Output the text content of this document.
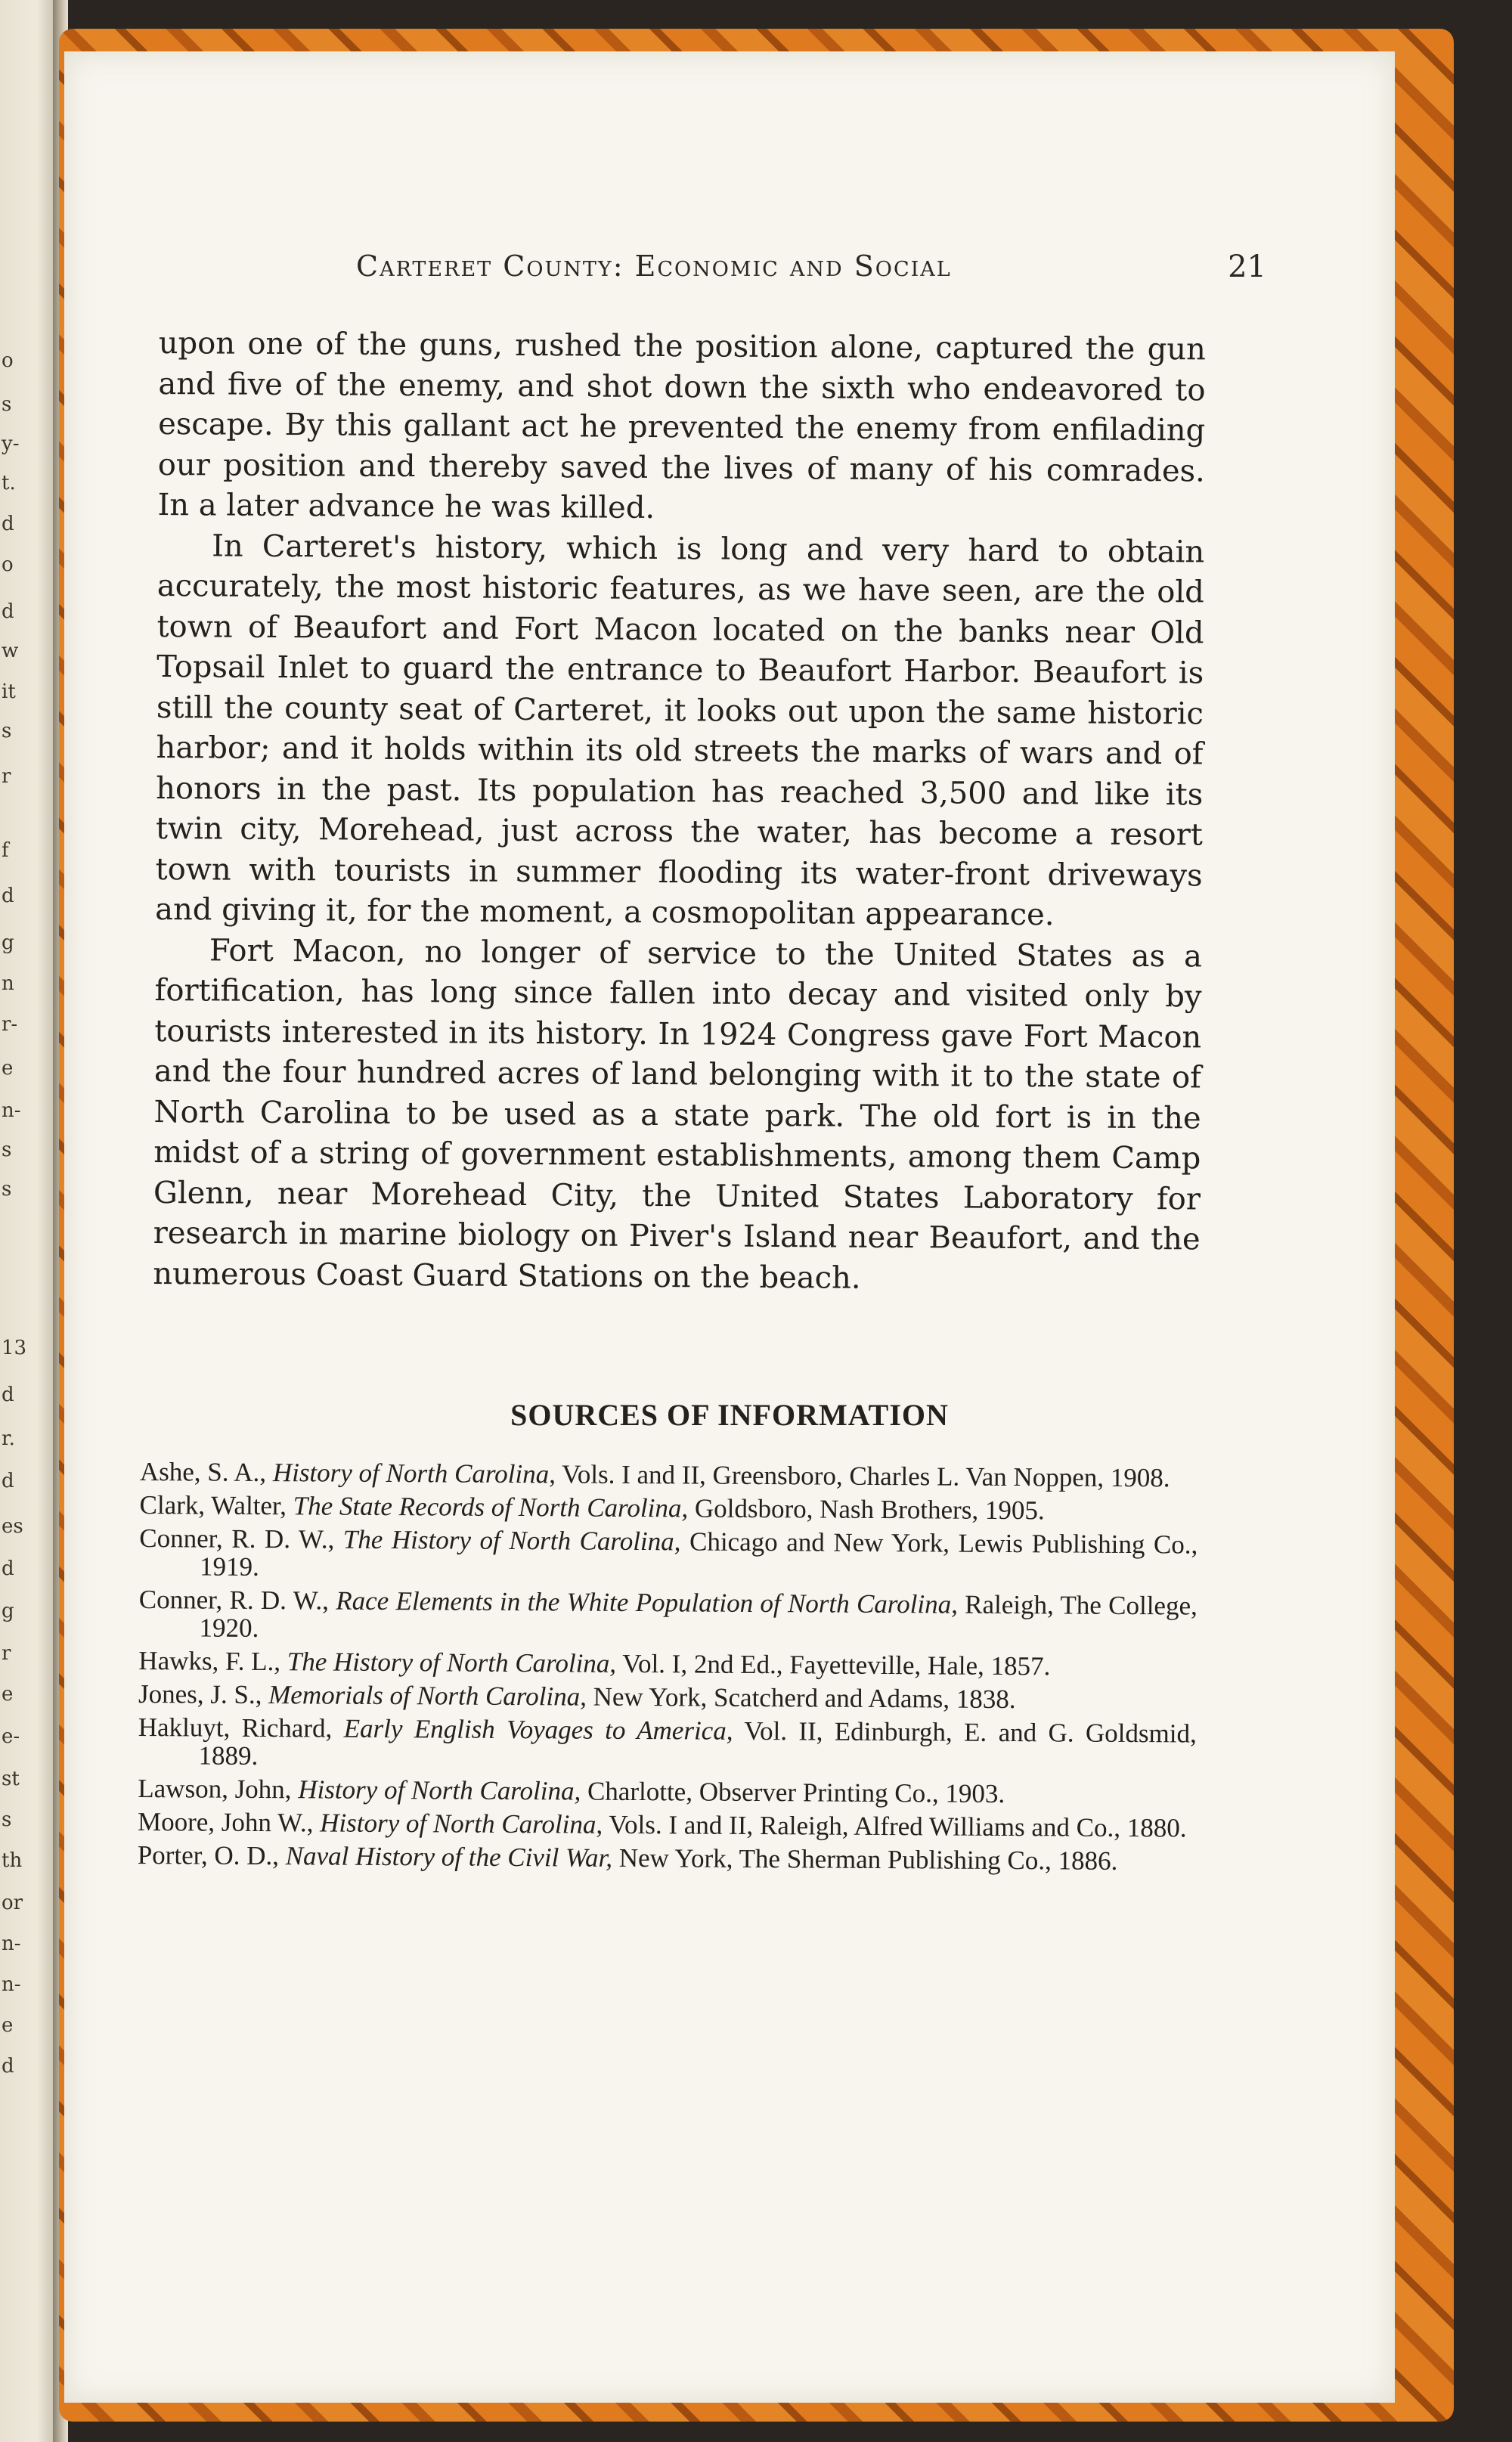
o
s
y-
t.
d
o
d
w
it
s
r
f
d
g
n
r-
e
n-
s
s
13
d
r.
d
es
d
g
r
e
e-
st
s
th
or
n-
n-
e
d
Carteret County: Economic and Social	21

upon one of the guns, rushed the position alone, captured the gun and five of the enemy, and shot down the sixth who endeavored to escape. By this gallant act he prevented the enemy from enfilading our position and thereby saved the lives of many of his comrades. In a later advance he was killed.

In Carteret's history, which is long and very hard to obtain accurately, the most historic features, as we have seen, are the old town of Beaufort and Fort Macon located on the banks near Old Topsail Inlet to guard the entrance to Beaufort Harbor. Beaufort is still the county seat of Carteret, it looks out upon the same historic harbor; and it holds within its old streets the marks of wars and of honors in the past. Its population has reached 3,500 and like its twin city, Morehead, just across the water, has become a resort town with tourists in summer flooding its water-front driveways and giving it, for the moment, a cosmopolitan appearance.

Fort Macon, no longer of service to the United States as a fortification, has long since fallen into decay and visited only by tourists interested in its history. In 1924 Congress gave Fort Macon and the four hundred acres of land belonging with it to the state of North Carolina to be used as a state park. The old fort is in the midst of a string of government establishments, among them Camp Glenn, near Morehead City, the United States Laboratory for research in marine biology on Piver's Island near Beaufort, and the numerous Coast Guard Stations on the beach.

SOURCES OF INFORMATION

Ashe, S. A., History of North Carolina, Vols. I and II, Greensboro, Charles L. Van Noppen, 1908.

Clark, Walter, The State Records of North Carolina, Goldsboro, Nash Brothers, 1905.

Conner, R. D. W., The History of North Carolina, Chicago and New York, Lewis Publishing Co., 1919.

Conner, R. D. W., Race Elements in the White Population of North Carolina, Raleigh, The College, 1920.

Hawks, F. L., The History of North Carolina, Vol. I, 2nd Ed., Fayetteville, Hale, 1857.

Jones, J. S., Memorials of North Carolina, New York, Scatcherd and Adams, 1838.

Hakluyt, Richard, Early English Voyages to America, Vol. II, Edinburgh, E. and G. Goldsmid, 1889.

Lawson, John, History of North Carolina, Charlotte, Observer Printing Co., 1903.

Moore, John W., History of North Carolina, Vols. I and II, Raleigh, Alfred Williams and Co., 1880.

Porter, O. D., Naval History of the Civil War, New York, The Sherman Publishing Co., 1886.
